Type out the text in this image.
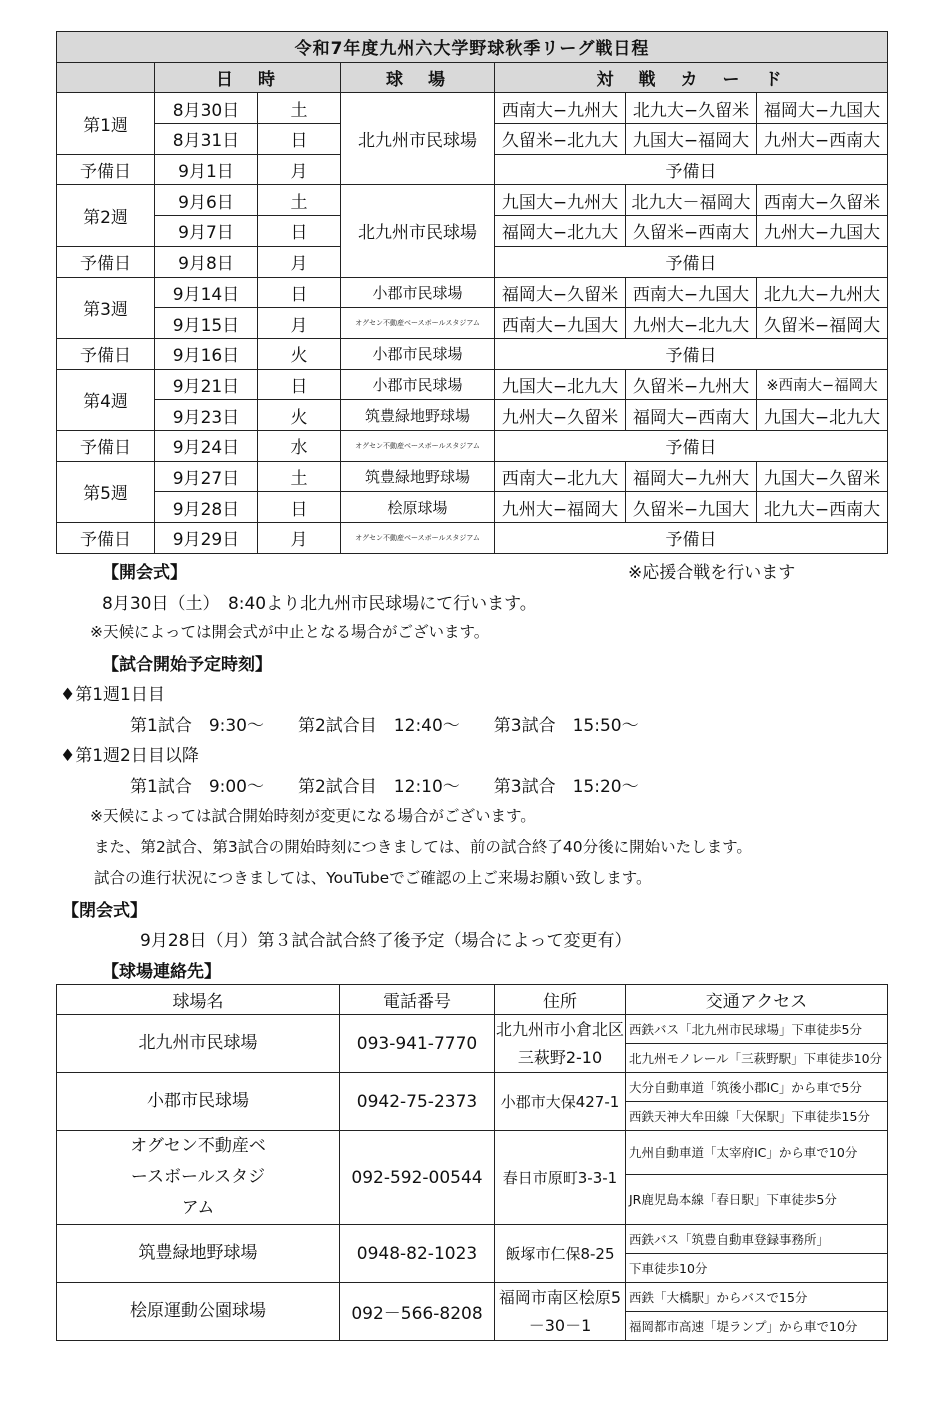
令和7年度九州六大学野球秋季リーグ戦日程						
	日　時		球　場	対　戦　カ　ー　ド		
第1週	8月30日	土	北九州市民球場	西南大−九州大	北九大−久留米	福岡大−九国大
	8月31日	日		久留米−北九大	九国大−福岡大	九州大−西南大
予備日	9月1日	月		予備日		
第2週	9月6日	土	北九州市民球場	九国大−九州大	北九大－福岡大	西南大−久留米
	9月7日	日		福岡大−北九大	久留米−西南大	九州大−九国大
予備日	9月8日	月		予備日		
第3週	9月14日	日	小郡市民球場	福岡大−久留米	西南大−九国大	北九大−九州大
	9月15日	月	オグセン不動産ベースボールスタジアム	西南大−九国大	九州大−北九大	久留米−福岡大
予備日	9月16日	火	小郡市民球場	予備日		
第4週	9月21日	日	小郡市民球場	九国大−北九大	久留米−九州大	※西南大−福岡大
	9月23日	火	筑豊緑地野球場	九州大−久留米	福岡大−西南大	九国大−北九大
予備日	9月24日	水	オグセン不動産ベースボールスタジアム	予備日		
第5週	9月27日	土	筑豊緑地野球場	西南大−北九大	福岡大−九州大	九国大−久留米
	9月28日	日	桧原球場	九州大−福岡大	久留米−九国大	北九大−西南大
予備日	9月29日	月	オグセン不動産ベースボールスタジアム	予備日		
【開会式】	※応援合戦を行います
8月30日（土）　8:40より北九州市民球場にて行います。
※天候によっては開会式が中止となる場合がございます。
【試合開始予定時刻】
♦第1週1日目
第1試合　9:30〜　　第2試合目　12:40〜　　第3試合　15:50〜
♦第1週2日目以降
第1試合　9:00〜　　第2試合目　12:10〜　　第3試合　15:20〜
※天候によっては試合開始時刻が変更になる場合がございます。
また、第2試合、第3試合の開始時刻につきましては、前の試合終了40分後に開始いたします。
試合の進行状況につきましては、YouTubeでご確認の上ご来場お願い致します。
【閉会式】
9月28日（月）第３試合試合終了後予定（場合によって変更有）
【球場連絡先】
球場名	電話番号	住所	交通アクセス
北九州市民球場	093-941-7770	北九州市小倉北区三萩野2-10	西鉄バス「北九州市民球場」下車徒歩5分
			北九州モノレール「三萩野駅」下車徒歩10分
小郡市民球場	0942-75-2373	小郡市大保427-1	大分自動車道「筑後小郡IC」から車で5分
			西鉄天神大牟田線「大保駅」下車徒歩15分
オグセン不動産ベースボールスタジアム	092-592-00544	春日市原町3-3-1	九州自動車道「太宰府IC」から車で10分
			JR鹿児島本線「春日駅」下車徒歩5分
筑豊緑地野球場	0948-82-1023	飯塚市仁保8-25	西鉄バス「筑豊自動車登録事務所」
			下車徒歩10分
桧原運動公園球場	092－566-8208	福岡市南区桧原5－30－1	西鉄「大橋駅」からバスで15分
			福岡都市高速「堤ランプ」から車で10分
